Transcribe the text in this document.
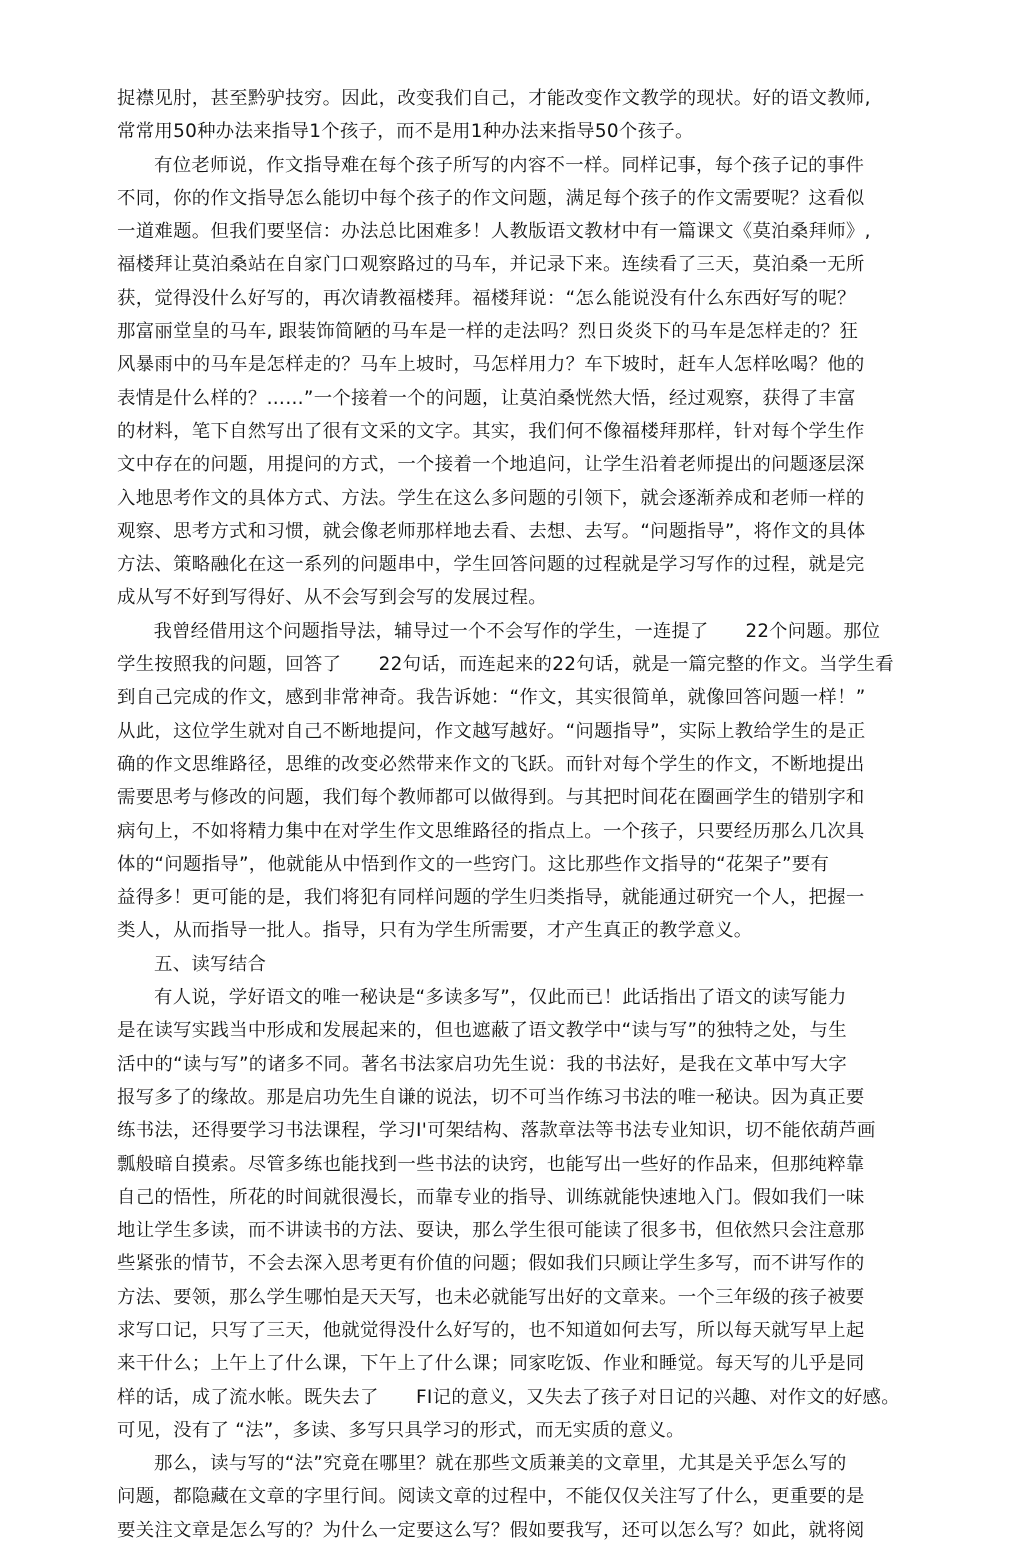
捉襟见肘，甚至黔驴技穷。因此，改变我们自己，才能改变作文教学的现状。好的语文教师,
常常用50种办法来指导1个孩子，而不是用1种办法来指导50个孩子。
有位老师说，作文指导难在每个孩子所写的内容不一样。同样记事，每个孩子记的事件
不同，你的作文指导怎么能切中每个孩子的作文问题，满足每个孩子的作文需要呢？这看似
一道难题。但我们要坚信：办法总比困难多！人教版语文教材中有一篇课文《莫泊桑拜师》,
福楼拜让莫泊桑站在自家门口观察路过的马车，并记录下来。连续看了三天，莫泊桑一无所
获，觉得没什么好写的，再次请教福楼拜。福楼拜说：“怎么能说没有什么东西好写的呢？
那富丽堂皇的马车, 跟装饰简陋的马车是一样的走法吗？烈日炎炎下的马车是怎样走的？狂
风暴雨中的马车是怎样走的？马车上坡时，马怎样用力？车下坡时，赶车人怎样吆喝？他的
表情是什么样的？……”一个接着一个的问题，让莫泊桑恍然大悟，经过观察，获得了丰富
的材料，笔下自然写出了很有文采的文字。其实，我们何不像福楼拜那样，针对每个学生作
文中存在的问题，用提问的方式，一个接着一个地追问，让学生沿着老师提出的问题逐层深
入地思考作文的具体方式、方法。学生在这么多问题的引领下，就会逐渐养成和老师一样的
观察、思考方式和习惯，就会像老师那样地去看、去想、去写。“问题指导”，将作文的具体
方法、策略融化在这一系列的问题串中，学生回答问题的过程就是学习写作的过程，就是完
成从写不好到写得好、从不会写到会写的发展过程。
我曾经借用这个问题指导法，辅导过一个不会写作的学生，一连提了　　22个问题。那位
学生按照我的问题，回答了　　22句话，而连起来的22句话，就是一篇完整的作文。当学生看
到自己完成的作文，感到非常神奇。我告诉她：“作文，其实很简单，就像回答问题一样！”
从此，这位学生就对自己不断地提问，作文越写越好。“问题指导”，实际上教给学生的是正
确的作文思维路径，思维的改变必然带来作文的飞跃。而针对每个学生的作文，不断地提出
需要思考与修改的问题，我们每个教师都可以做得到。与其把时间花在圈画学生的错别字和
病句上，不如将精力集中在对学生作文思维路径的指点上。一个孩子，只要经历那么几次具
体的“问题指导”，他就能从中悟到作文的一些窍门。这比那些作文指导的“花架子”要有
益得多！更可能的是，我们将犯有同样问题的学生归类指导，就能通过研究一个人，把握一
类人，从而指导一批人。指导，只有为学生所需要，才产生真正的教学意义。
五、读写结合
有人说，学好语文的唯一秘诀是“多读多写”，仅此而已！此话指出了语文的读写能力
是在读写实践当中形成和发展起来的，但也遮蔽了语文教学中“读与写”的独特之处，与生
活中的“读与写”的诸多不同。著名书法家启功先生说：我的书法好，是我在文革中写大字
报写多了的缘故。那是启功先生自谦的说法，切不可当作练习书法的唯一秘诀。因为真正要
练书法，还得要学习书法课程，学习I'可架结构、落款章法等书法专业知识，切不能依葫芦画
瓢般暗自摸索。尽管多练也能找到一些书法的诀窍，也能写出一些好的作品来，但那纯粹靠
自己的悟性，所花的时间就很漫长，而靠专业的指导、训练就能快速地入门。假如我们一味
地让学生多读，而不讲读书的方法、耍诀，那么学生很可能读了很多书，但依然只会注意那
些紧张的情节，不会去深入思考更有价值的问题；假如我们只顾让学生多写，而不讲写作的
方法、要领，那么学生哪怕是天天写，也未必就能写出好的文章来。一个三年级的孩子被要
求写口记，只写了三天，他就觉得没什么好写的，也不知道如何去写，所以每天就写早上起
来干什么；上午上了什么课，下午上了什么课；同家吃饭、作业和睡觉。每天写的儿乎是同
样的话，成了流水帐。既失去了　　FI记的意义，又失去了孩子对日记的兴趣、对作文的好感。
可见，没有了 “法”，多读、多写只具学习的形式，而无实质的意义。
那么，读与写的“法”究竟在哪里？就在那些文质兼美的文章里，尤其是关乎怎么写的
问题，都隐藏在文章的字里行间。阅读文章的过程中，不能仅仅关注写了什么，更重要的是
要关注文章是怎么写的？为什么一定要这么写？假如要我写，还可以怎么写？如此，就将阅
